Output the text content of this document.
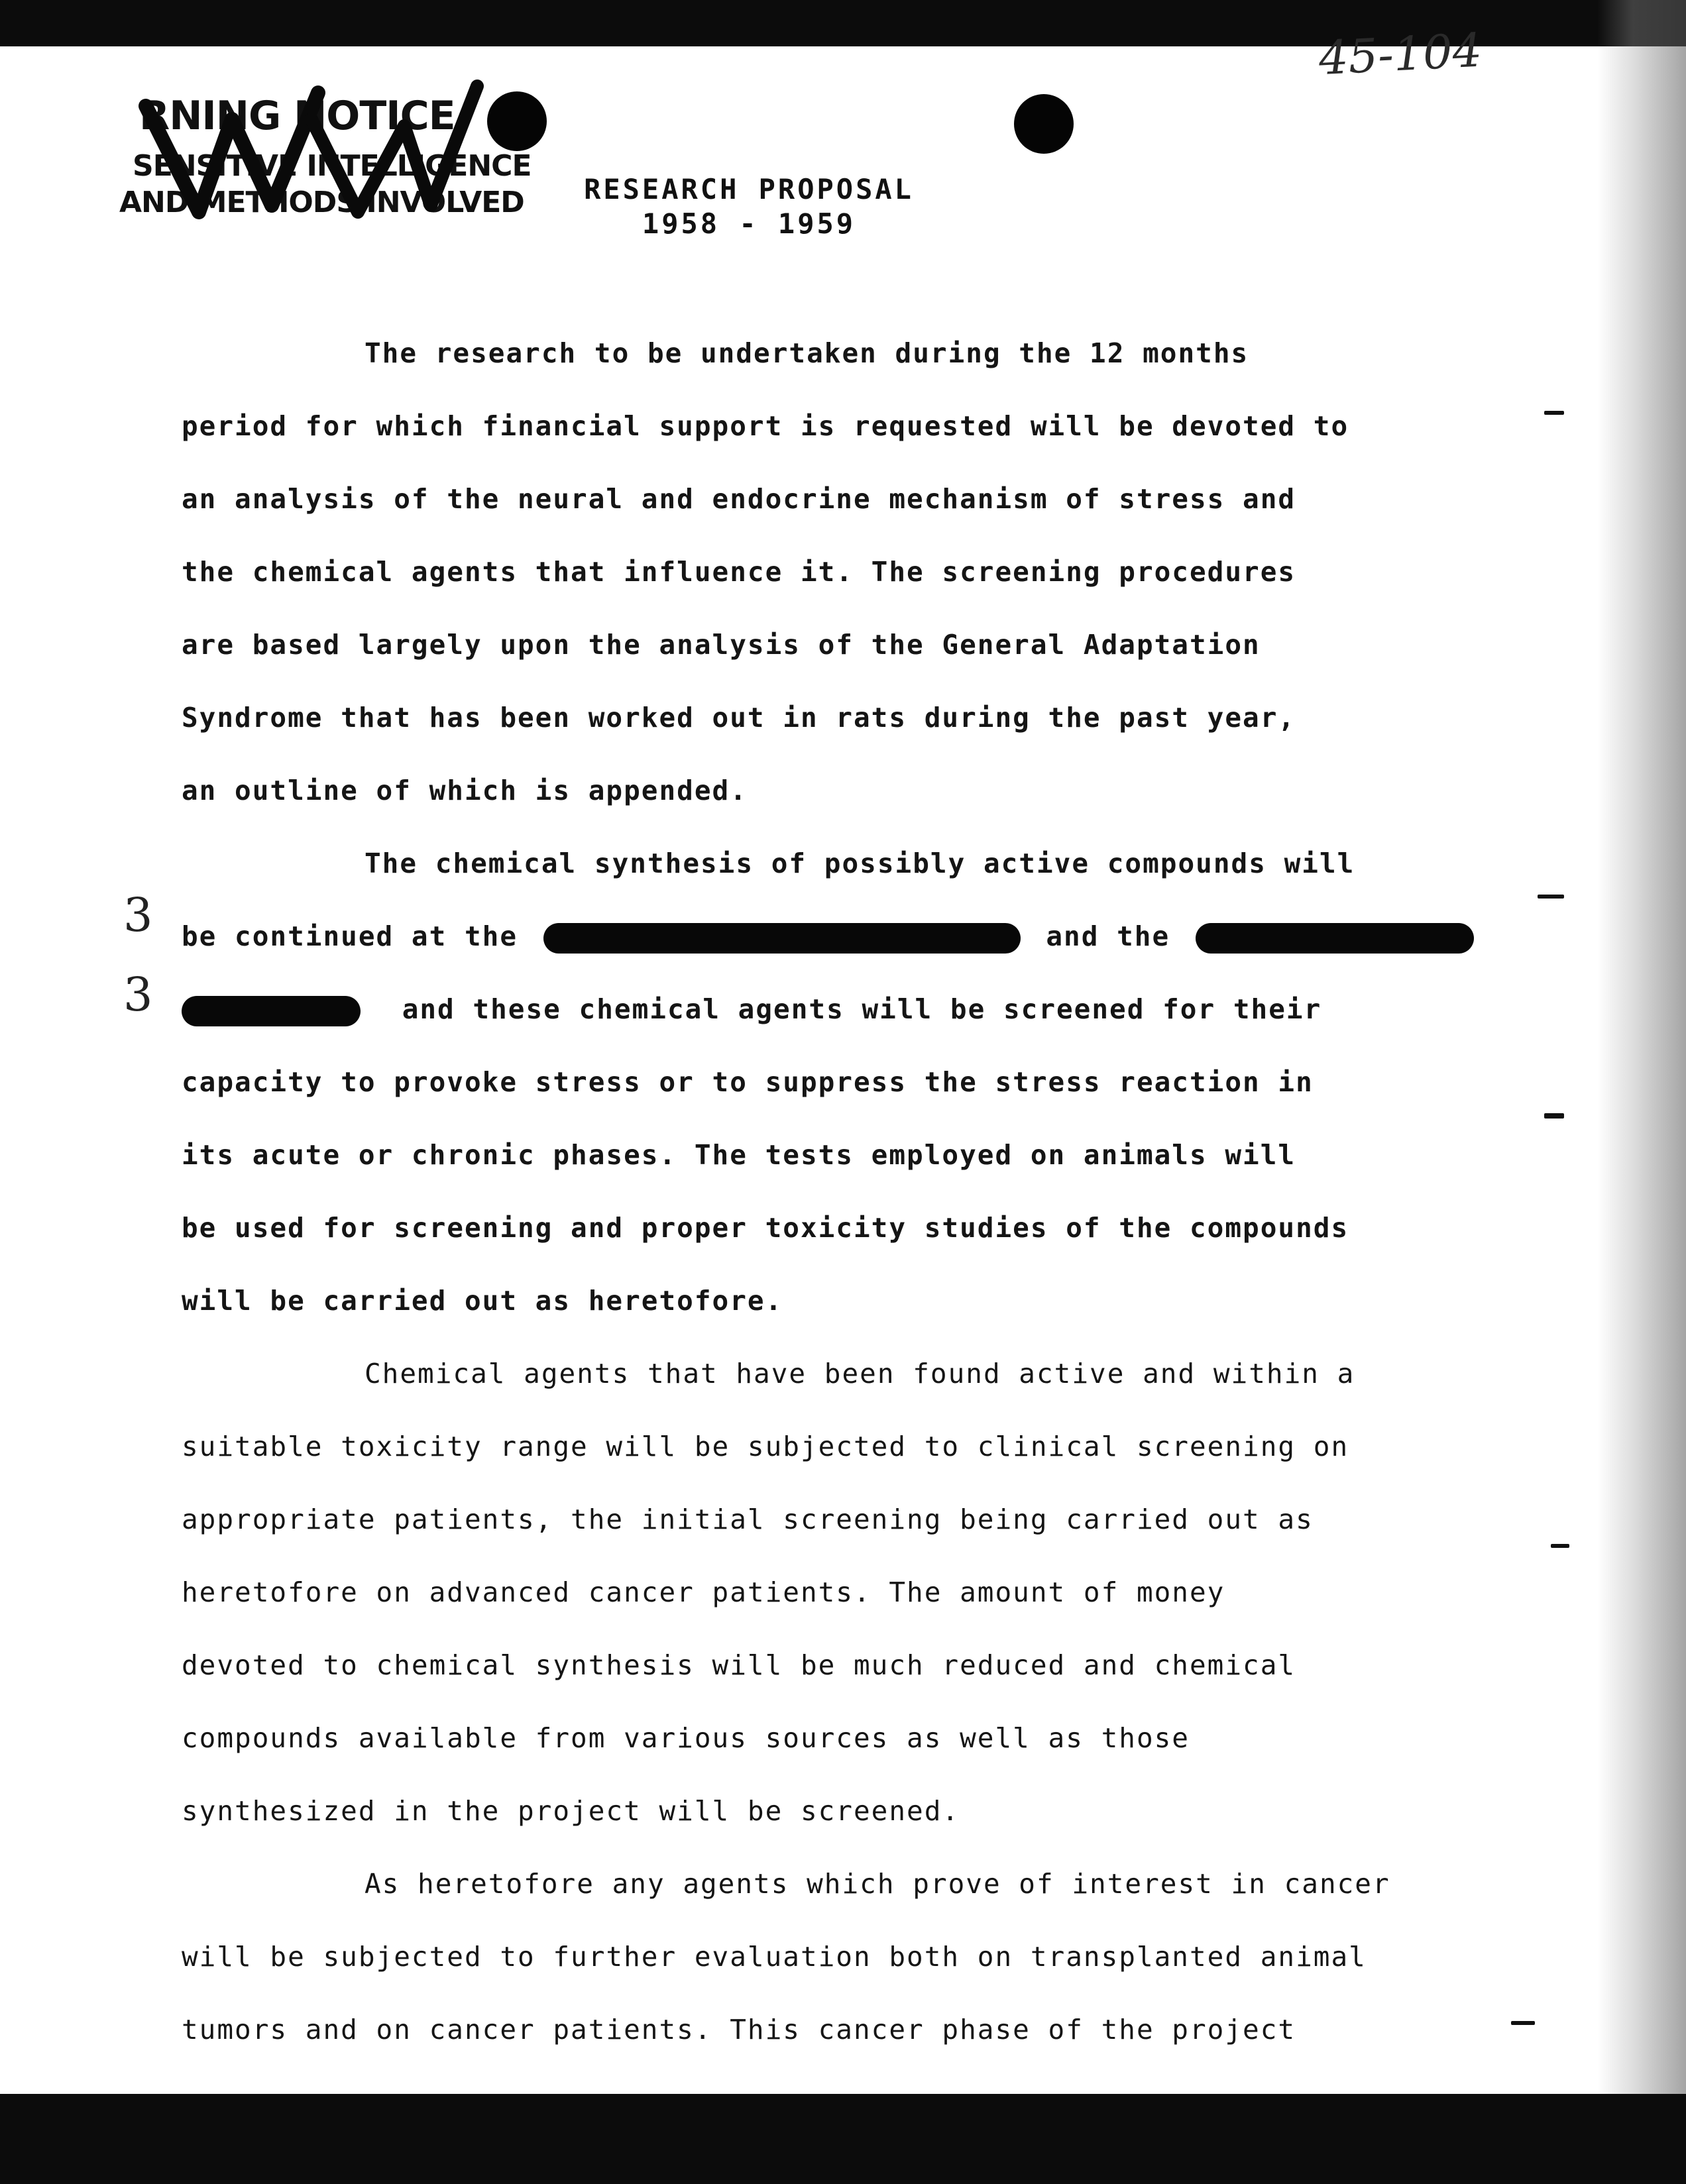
45-104
RNING NOTICE
SENSITIVE INTELLIGENCE
AND METHODS INVOLVED	RESEARCH PROPOSAL
1958 - 1959
3
3
The research to be undertaken during the 12 months
period for which financial support is requested will be devoted to
an analysis of the neural and endocrine mechanism of stress and
the chemical agents that influence it. The screening procedures
are based largely upon the analysis of the General Adaptation
Syndrome that has been worked out in rats during the past year,
an outline of which is appended.
The chemical synthesis of possibly active compounds will
be continued at the	and the
and these chemical agents will be screened for their
capacity to provoke stress or to suppress the stress reaction in
its acute or chronic phases. The tests employed on animals will
be used for screening and proper toxicity studies of the compounds
will be carried out as heretofore.
Chemical agents that have been found active and within a
suitable toxicity range will be subjected to clinical screening on
appropriate patients, the initial screening being carried out as
heretofore on advanced cancer patients. The amount of money
devoted to chemical synthesis will be much reduced and chemical
compounds available from various sources as well as those
synthesized in the project will be screened.
As heretofore any agents which prove of interest in cancer
will be subjected to further evaluation both on transplanted animal
tumors and on cancer patients. This cancer phase of the project
